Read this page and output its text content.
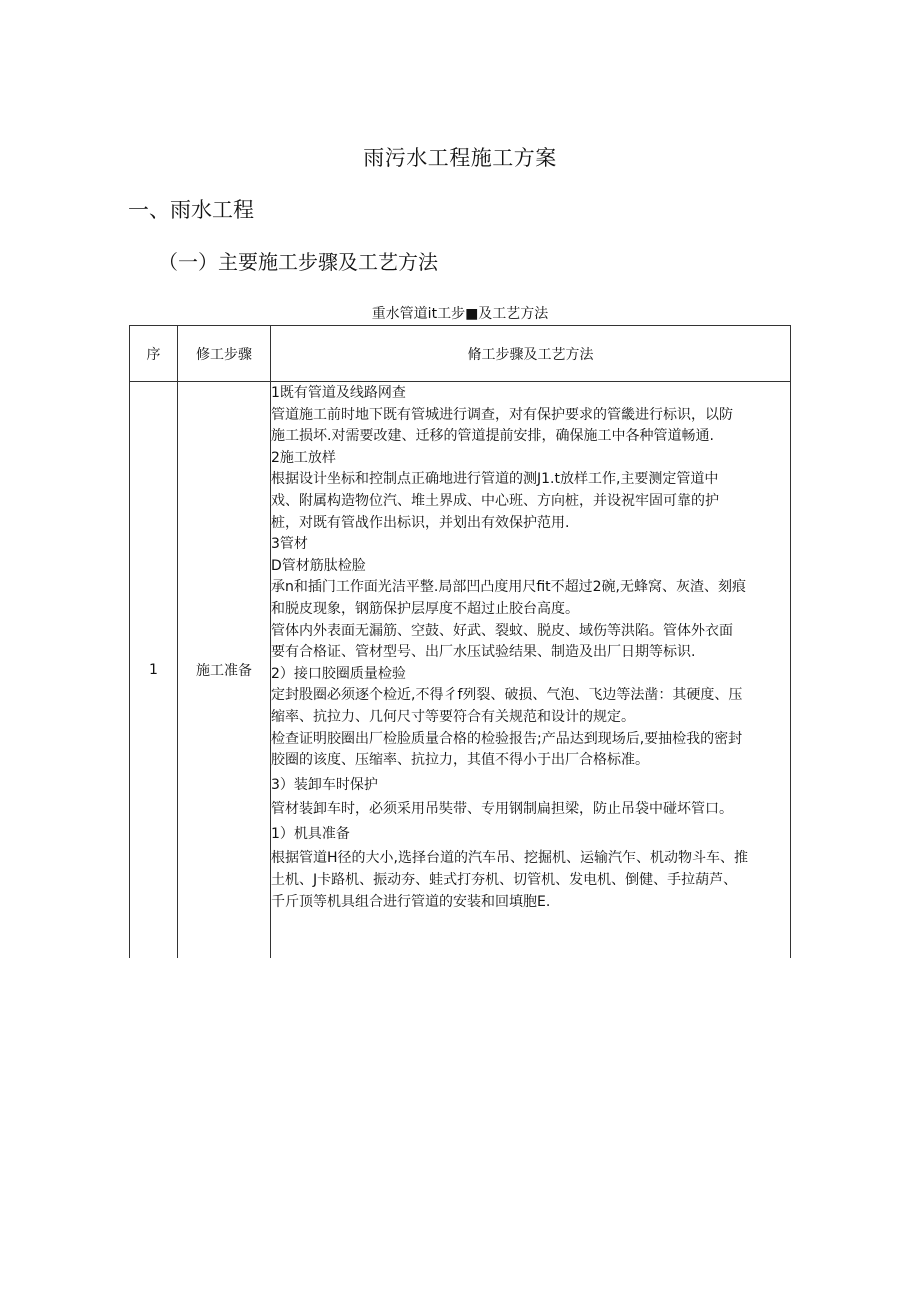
雨污水工程施工方案
一、雨水工程
（一）主要施工步骤及工艺方法
重水管道it工步■及工艺方法
序	修工步骤	脩工步骤及工艺方法
1	施工准备
1既有管道及线路网查
管道施工前时地下既有管城进行调查，对有保护要求的管畿进行标识，以防
施工损坏.对需要改建、迁移的管道提前安排，确保施工中各种管道畅通.
2施工放样
根据设计坐标和控制点正确地进行管道的测J1.t放样工作,主要测定管道中
戏、附属构造物位汽、堆土界成、中心班、方向桩，并设祝牢固可靠的护
桩，对既有管战作出标识，并划出有效保护范用.
3管材
D管材筋肽检脸
承n和插门工作面光洁平整.局部凹凸度用尺fit不超过2碗,无蜂窝、灰渣、刻痕
和脱皮现象，钢筋保护层厚度不超过止胶台高度。
管体内外表面无漏筋、空鼓、好武、裂蚊、脱皮、域伤等洪陷。管体外衣面
要有合格证、管材型号、出厂水压试验结果、制造及出厂日期等标识.
2）接口胶圈质量检验
定封股圈必须逐个检近,不得彳f列裂、破损、气泡、飞边等法凿：其硬度、压
缩率、抗拉力、几何尺寸等要符合有关规范和设计的规定。
检查证明胶圈出厂检脸质量合格的检验报告;产品达到现场后,要抽检我的密封
胶圈的该度、压缩率、抗拉力，其值不得小于出厂合格标准。
3）装卸车时保护
管材装卸车时，必须采用吊奘带、专用钢制扁担梁，防止吊袋中碰坏管口。
1）机具准备
根据管道H径的大小,选择台道的汽车吊、挖掘机、运输汽乍、机动物斗车、推
土机、J卡路机、振动夯、蛙式打夯机、切管机、发电机、倒健、手拉葫芦、
千斤顶等机具组合进行管道的安装和回填胞E.
